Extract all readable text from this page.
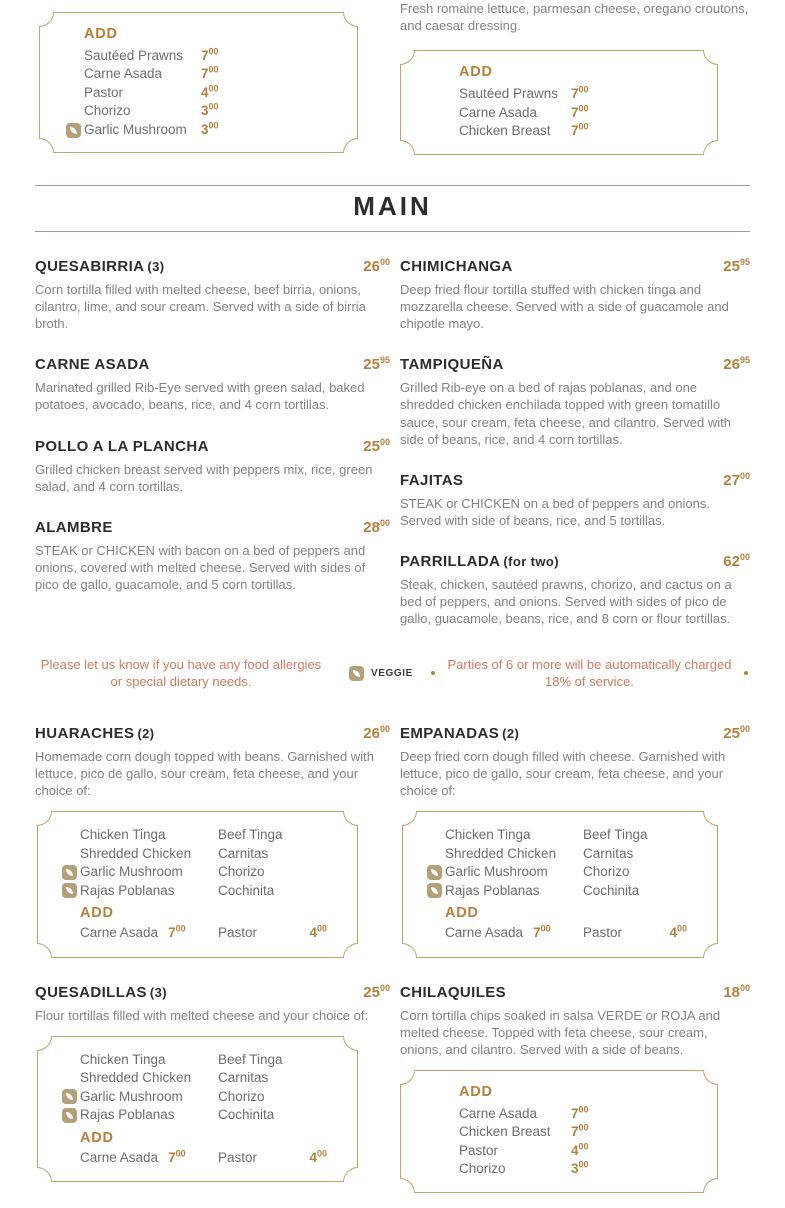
ADD
Sautéed Prawns	$7^{00}$
Carne Asada	$7^{00}$
Pastor	$4^{00}$
Chorizo	$3^{00}$
Garlic Mushroom	$3^{00}$

Fresh romaine lettuce, parmesan cheese, oregano croutons, and caesar dressing.

ADD
Sautéed Prawns $7^{00}$
Carne Asada	$7^{00}$
Chicken Breast	$7^{00}$
MAIN
QUESABIRRIA (3)	$26^{00}$

Corn tortilla filled with melted cheese, beef birria, onions, cilantro, lime, and sour cream. Served with a side of birria broth.

CARNE ASADA	$25^{95}$

Marinated grilled Rib-Eye served with green salad, baked potatoes, avocado, beans, rice, and 4 corn tortillas.

POLLO A LA PLANCHA	$25^{00}$

Grilled chicken breast served with peppers mix, rice, green salad, and 4 corn tortillas.

ALAMBRE	$28^{00}$

STEAK or CHICKEN with bacon on a bed of peppers and onions, covered with melted cheese. Served with sides of pico de gallo, guacamole, and 5 corn tortillas.

CHIMICHANGA	$25^{95}$

Deep fried flour tortilla stuffed with chicken tinga and mozzarella cheese. Served with a side of guacamole and chipotle mayo.

TAMPIQUEÑA	$26^{95}$

Grilled Rib-eye on a bed of rajas poblanas, and one shredded chicken enchilada topped with green tomatillo sauce, sour cream, feta cheese, and cilantro. Served with side of beans, rice, and 4 corn tortillas.

FAJITAS	$27^{00}$

STEAK or CHICKEN on a bed of peppers and onions. Served with side of beans, rice, and 5 tortillas.

PARRILLADA (for two)	$62^{00}$

Steak, chicken, sautéed prawns, chorizo, and cactus on a bed of peppers, and onions. Served with sides of pico de gallo, guacamole, beans, rice, and 8 corn or flour tortillas.

Please let us know if you have any food allergies or special dietary needs.
VEGGIE
Parties of 6 or more will be automatically charged 18% of service.
HUARACHES (2)	$26^{00}$

Homemade corn dough topped with beans. Garnished with lettuce, pico de gallo, sour cream, feta cheese, and your choice of:

Chicken Tinga	Beef Tinga
Shredded Chicken	Carnitas
Garlic Mushroom	Chorizo
Rajas Poblanas	Cochinita
ADD
Carne Asada $7^{00}$ Pastor	$4^{00}$
QUESADILLAS (3)	$25^{00}$

Flour tortillas filled with melted cheese and your choice of:

Chicken Tinga	Beef Tinga
Shredded Chicken	Carnitas
Garlic Mushroom	Chorizo
Rajas Poblanas	Cochinita
ADD
Carne Asada $7^{00}$ Pastor	$4^{00}$
EMPANADAS (2)	$25^{00}$

Deep fried corn dough filled with cheese. Garnished with lettuce, pico de gallo, sour cream, feta cheese, and your choice of:

Chicken Tinga	Beef Tinga
Shredded Chicken	Carnitas
Garlic Mushroom	Chorizo
Rajas Poblanas	Cochinita
ADD
Carne Asada $7^{00}$ Pastor	$4^{00}$
CHILAQUILES	$18^{00}$

Corn tortilla chips soaked in salsa VERDE or ROJA and melted cheese. Topped with feta cheese, sour cream, onions, and cilantro. Served with a side of beans.

ADD
Carne Asada	$7^{00}$
Chicken Breast	$7^{00}$
Pastor	$4^{00}$
Chorizo	$3^{00}$
